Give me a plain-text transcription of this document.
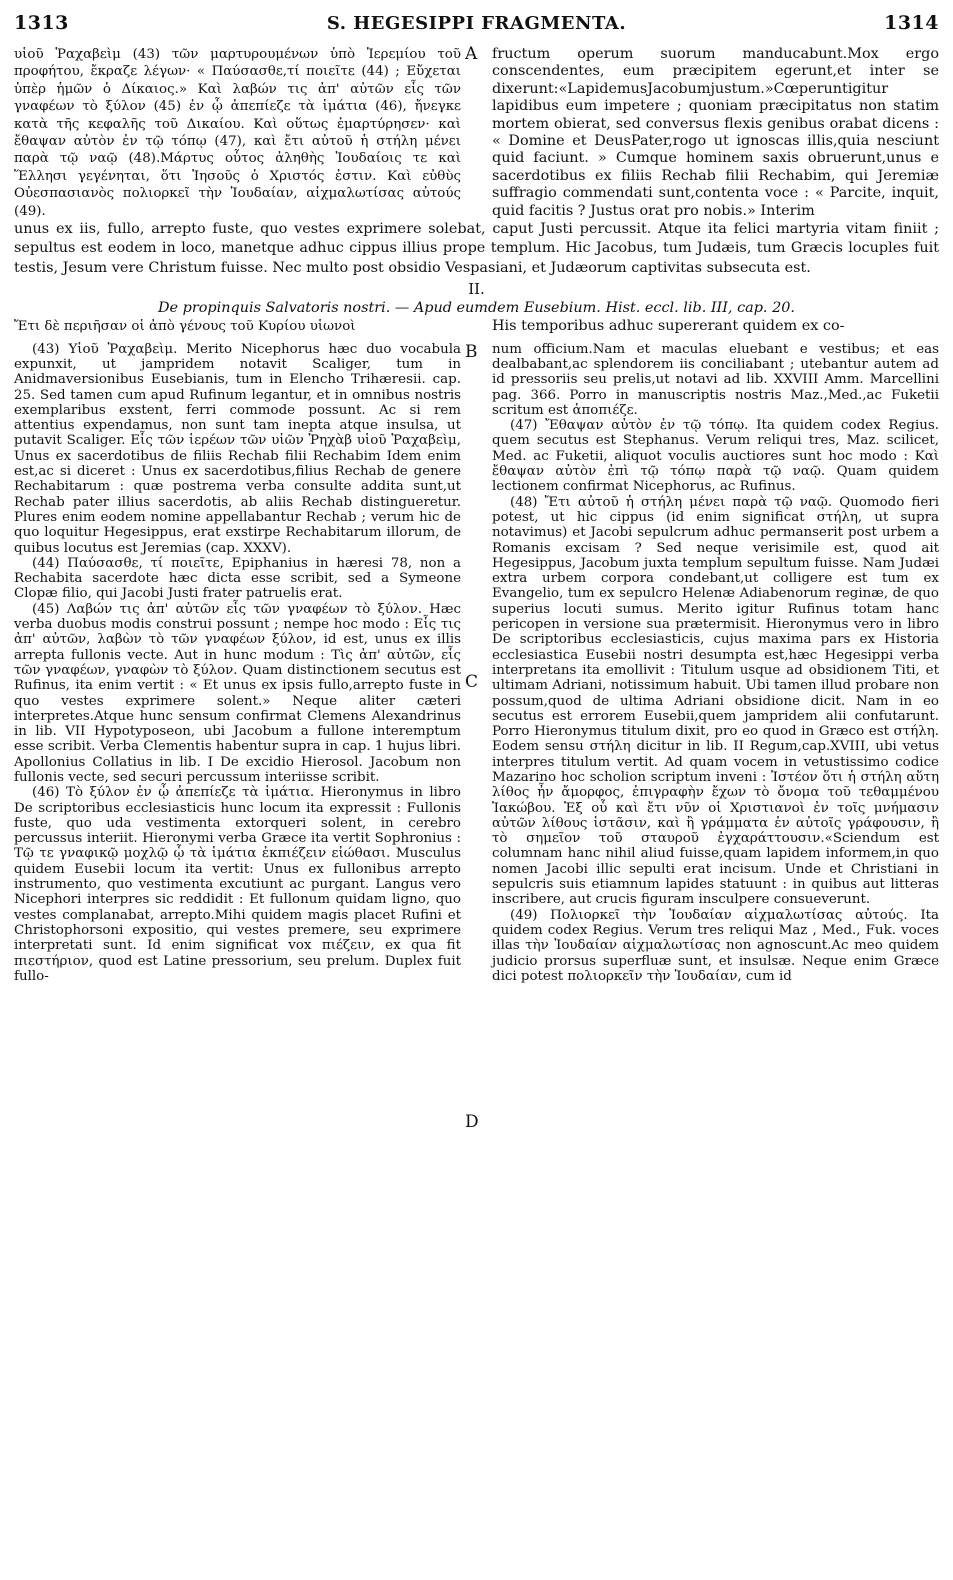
1313	S. HEGESIPPI FRAGMENTA.	1314
A

υἱοῦ Ῥαχαβεὶμ (43) τῶν μαρτυρουμένων ὑπὸ Ἱερεμίου τοῦ προφήτου, ἔκραζε λέγων· « Παύσασθε,τί ποιεῖτε (44) ; Εὔχεται ὑπὲρ ἡμῶν ὁ Δίκαιος.» Καὶ λαβών τις ἀπ' αὐτῶν εἷς τῶν γναφέων τὸ ξύλον (45) ἐν ᾧ ἀπεπίεζε τὰ ἱμάτια (46), ἤνεγκε κατὰ τῆς κεφαλῆς τοῦ Δικαίου. Καὶ οὕτως ἐμαρτύρησεν· καὶ ἔθαψαν αὐτὸν ἐν τῷ τόπῳ (47), καὶ ἔτι αὐτοῦ ἡ στήλη μένει παρὰ τῷ ναῷ (48).Μάρτυς οὗτος ἀληθὴς Ἰουδαίοις τε καὶ Ἕλλησι γεγένηται, ὅτι Ἰησοῦς ὁ Χριστός ἐστιν. Καὶ εὐθὺς Οὐεσπασιανὸς πολιορκεῖ τὴν Ἰουδαίαν, αἰχμαλωτίσας αὐτούς (49).

fructum operum suorum manducabunt.Mox ergo conscendentes, eum præcipitem egerunt,et inter se dixerunt:«LapidemusJacobumjustum.»Cœperuntigitur lapidibus eum impetere ; quoniam præcipitatus non statim mortem obierat, sed conversus flexis genibus orabat dicens : « Domine et DeusPater,rogo ut ignoscas illis,quia nesciunt quid faciunt. » Cumque hominem saxis obruerunt,unus e sacerdotibus ex filiis Rechab filii Rechabim, qui Jeremiæ suffragio commendati sunt,contenta voce : « Parcite, inquit, quid facitis ? Justus orat pro nobis.» Interim

unus ex iis, fullo, arrepto fuste, quo vestes exprimere solebat, caput Justi percussit. Atque ita felici martyria vitam finiit ; sepultus est eodem in loco, manetque adhuc cippus illius prope templum. Hic Jacobus, tum Judæis, tum Græcis locuples fuit testis, Jesum vere Christum fuisse. Nec multo post obsidio Vespasiani, et Judæorum captivitas subsecuta est.

II.

De propinquis Salvatoris nostri. — Apud eumdem Eusebium. Hist. eccl. lib. III, cap. 20.

Ἔτι δὲ περιῆσαν οἱ ἀπὸ γένους τοῦ Κυρίου υἱωνοὶ	His temporibus adhuc supererant quidem ex co-

B
C
D

(43) Υἱοῦ Ῥαχαβεὶμ. Merito Nicephorus hæc duo vocabula expunxit, ut jampridem notavit Scaliger, tum in Anidmaversionibus Eusebianis, tum in Elencho Trihæresii. cap. 25. Sed tamen cum apud Rufinum legantur, et in omnibus nostris exemplaribus exstent, ferri commode possunt. Ac si rem attentius expendamus, non sunt tam inepta atque insulsa, ut putavit Scaliger. Εἷς τῶν ἱερέων τῶν υἱῶν Ῥηχὰβ υἱοῦ Ῥαχαβεὶμ, Unus ex sacerdotibus de filiis Rechab filii Rechabim Idem enim est,ac si diceret : Unus ex sacerdotibus,filius Rechab de genere Rechabitarum : quæ postrema verba consulte addita sunt,ut Rechab pater illius sacerdotis, ab aliis Rechab distingueretur. Plures enim eodem nomine appellabantur Rechab ; verum hic de quo loquitur Hegesippus, erat exstirpe Rechabitarum illorum, de quibus locutus est Jeremias (cap. XXXV).

(44) Παύσασθε, τί ποιεῖτε, Epiphanius in hæresi 78, non a Rechabita sacerdote hæc dicta esse scribit, sed a Symeone Clopæ filio, qui Jacobi Justi frater patruelis erat.

(45) Λαβών τις ἀπ' αὐτῶν εἷς τῶν γναφέων τὸ ξύλον. Hæc verba duobus modis construi possunt ; nempe hoc modo : Εἷς τις ἀπ' αὐτῶν, λαβὼν τὸ τῶν γναφέων ξύλον, id est, unus ex illis arrepta fullonis vecte. Aut in hunc modum : Τὶς ἀπ' αὐτῶν, εἷς τῶν γναφέων, γναφὼν τὸ ξύλον. Quam distinctionem secutus est Rufinus, ita enim vertit : « Et unus ex ipsis fullo,arrepto fuste in quo vestes exprimere solent.» Neque aliter cæteri interpretes.Atque hunc sensum confirmat Clemens Alexandrinus in lib. VII Hypotyposeon, ubi Jacobum a fullone interemptum esse scribit. Verba Clementis habentur supra in cap. 1 hujus libri. Apollonius Collatius in lib. I De excidio Hierosol. Jacobum non fullonis vecte, sed securi percussum interiisse scribit.

(46) Τὸ ξύλον ἐν ᾧ ἀπεπίεζε τὰ ἱμάτια. Hieronymus in libro De scriptoribus ecclesiasticis hunc locum ita expressit : Fullonis fuste, quo uda vestimenta extorqueri solent, in cerebro percussus interiit. Hieronymi verba Græce ita vertit Sophronius : Τῷ τε γναφικῷ μοχλῷ ᾧ τὰ ἱμάτια ἐκπιέζειν εἰώθασι. Musculus quidem Eusebii locum ita vertit: Unus ex fullonibus arrepto instrumento, quo vestimenta excutiunt ac purgant. Langus vero Nicephori interpres sic reddidit : Et fullonum quidam ligno, quo vestes complanabat, arrepto.Mihi quidem magis placet Rufini et Christophorsoni expositio, qui vestes premere, seu exprimere interpretati sunt. Id enim significat vox πιέζειν, ex qua fit πιεστήριον, quod est Latine pressorium, seu prelum. Duplex fuit fullo-

num officium.Nam et maculas eluebant e vestibus; et eas dealbabant,ac splendorem iis conciliabant ; utebantur autem ad id pressoriis seu prelis,ut notavi ad lib. XXVIII Amm. Marcellini pag. 366. Porro in manuscriptis nostris Maz.,Med.,ac Fuketii scritum est ἀποπιέζε.

(47) Ἔθαψαν αὐτὸν ἐν τῷ τόπῳ. Ita quidem codex Regius. quem secutus est Stephanus. Verum reliqui tres, Maz. scilicet, Med. ac Fuketii, aliquot voculis auctiores sunt hoc modo : Καὶ ἔθαψαν αὐτὸν ἐπὶ τῷ τόπῳ παρὰ τῷ ναῷ. Quam quidem lectionem confirmat Nicephorus, ac Rufinus.

(48) Ἔτι αὐτοῦ ἡ στήλη μένει παρὰ τῷ ναῷ. Quomodo fieri potest, ut hic cippus (id enim significat στήλη, ut supra notavimus) et Jacobi sepulcrum adhuc permanserit post urbem a Romanis excisam ? Sed neque verisimile est, quod ait Hegesippus, Jacobum juxta templum sepultum fuisse. Nam Judæi extra urbem corpora condebant,ut colligere est tum ex Evangelio, tum ex sepulcro Helenæ Adiabenorum reginæ, de quo superius locuti sumus. Merito igitur Rufinus totam hanc pericopen in versione sua prætermisit. Hieronymus vero in libro De scriptoribus ecclesiasticis, cujus maxima pars ex Historia ecclesiastica Eusebii nostri desumpta est,hæc Hegesippi verba interpretans ita emollivit : Titulum usque ad obsidionem Titi, et ultimam Adriani, notissimum habuit. Ubi tamen illud probare non possum,quod de ultima Adriani obsidione dicit. Nam in eo secutus est errorem Eusebii,quem jampridem alii confutarunt. Porro Hieronymus titulum dixit, pro eo quod in Græco est στήλη. Eodem sensu στήλη dicitur in lib. II Regum,cap.XVIII, ubi vetus interpres titulum vertit. Ad quam vocem in vetustissimo codice Mazarino hoc scholion scriptum inveni : Ἰστέον ὅτι ἡ στήλη αὕτη λίθος ἦν ἄμορφος, ἐπιγραφὴν ἔχων τὸ ὄνομα τοῦ τεθαμμένου Ἰακώβου. Ἐξ οὗ καὶ ἔτι νῦν οἱ Χριστιανοὶ ἐν τοῖς μνήμασιν αὐτῶν λίθους ἱστᾶσιν, καὶ ἢ γράμματα ἐν αὐτοῖς γράφουσιν, ἢ τὸ σημεῖον τοῦ σταυροῦ ἐγχαράττουσιν.«Sciendum est columnam hanc nihil aliud fuisse,quam lapidem informem,in quo nomen Jacobi illic sepulti erat incisum. Unde et Christiani in sepulcris suis etiamnum lapides statuunt : in quibus aut litteras inscribere, aut crucis figuram insculpere consueverunt.

(49) Πολιορκεῖ τὴν Ἰουδαίαν αἰχμαλωτίσας αὐτούς. Ita quidem codex Regius. Verum tres reliqui Maz , Med., Fuk. voces illas τὴν Ἰουδαίαν αἰχμαλωτίσας non agnoscunt.Ac meo quidem judicio prorsus superfluæ sunt, et insulsæ. Neque enim Græce dici potest πολιορκεῖν τὴν Ἰουδαίαν, cum id
